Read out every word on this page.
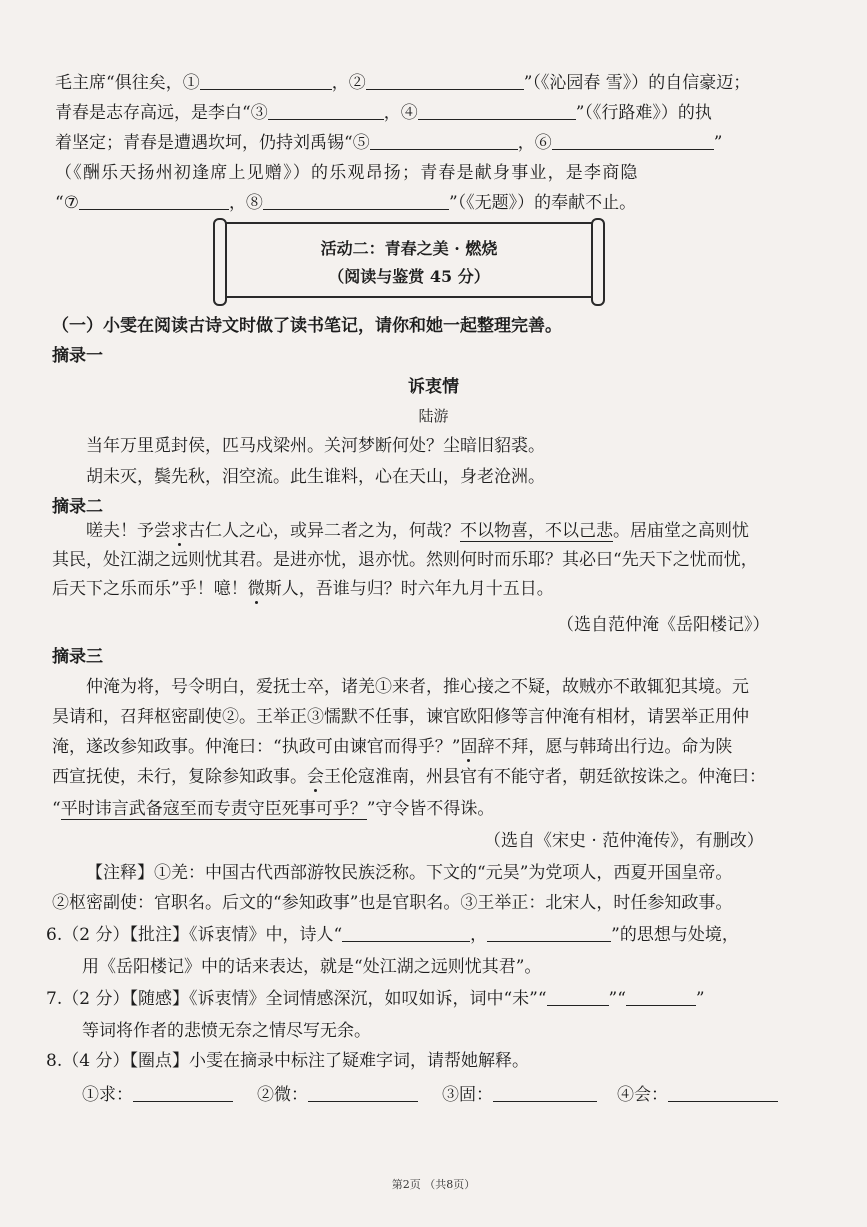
毛主席“俱往矣，①	，②	”（《沁园春 雪》）的自信豪迈；
青春是志存高远，是李白“③	，④	”（《行路难》）的执
着坚定；青春是遭遇坎坷，仍持刘禹锡“⑤	，⑥	”
（《酬乐天扬州初逢席上见赠》）的乐观昂扬；青春是献身事业，是李商隐
“⑦	，⑧	”（《无题》）的奉献不止。
活动二：青春之美 · 燃烧
（阅读与鉴赏 45 分）
（一）小雯在阅读古诗文时做了读书笔记，请你和她一起整理完善。
摘录一
诉衷情
陆游
当年万里觅封侯，匹马戍梁州。关河梦断何处？尘暗旧貂裘。
胡未灭，鬓先秋，泪空流。此生谁料，心在天山，身老沧洲。
摘录二
嗟夫！予尝求古仁人之心，或异二者之为，何哉？不以物喜，不以己悲。居庙堂之高则忧
其民，处江湖之远则忧其君。是进亦忧，退亦忧。然则何时而乐耶？其必曰“先天下之忧而忧，
后天下之乐而乐”乎！噫！微斯人，吾谁与归？时六年九月十五日。
（选自范仲淹《岳阳楼记》）
摘录三
仲淹为将，号令明白，爱抚士卒，诸羌①来者，推心接之不疑，故贼亦不敢辄犯其境。元
昊请和，召拜枢密副使②。王举正③懦默不任事，谏官欧阳修等言仲淹有相材，请罢举正用仲
淹，遂改参知政事。仲淹曰：“执政可由谏官而得乎？”固辞不拜，愿与韩琦出行边。命为陕
西宣抚使，未行，复除参知政事。会王伦寇淮南，州县官有不能守者，朝廷欲按诛之。仲淹曰：
“平时讳言武备寇至而专责守臣死事可乎？”守令皆不得诛。
（选自《宋史 · 范仲淹传》，有删改）
【注释】①羌：中国古代西部游牧民族泛称。下文的“元昊”为党项人，西夏开国皇帝。
②枢密副使：官职名。后文的“参知政事”也是官职名。③王举正：北宋人，时任参知政事。
6.（2 分）【批注】《诉衷情》中，诗人“	，	”的思想与处境，
用《岳阳楼记》中的话来表达，就是“处江湖之远则忧其君”。
7.（2 分）【随感】《诉衷情》全词情感深沉，如叹如诉，词中“未”“	”“	”
等词将作者的悲愤无奈之情尽写无余。
8.（4 分）【圈点】小雯在摘录中标注了疑难字词，请帮她解释。
①求：	②微：	③固：	④会：
第2页 （共8页）
